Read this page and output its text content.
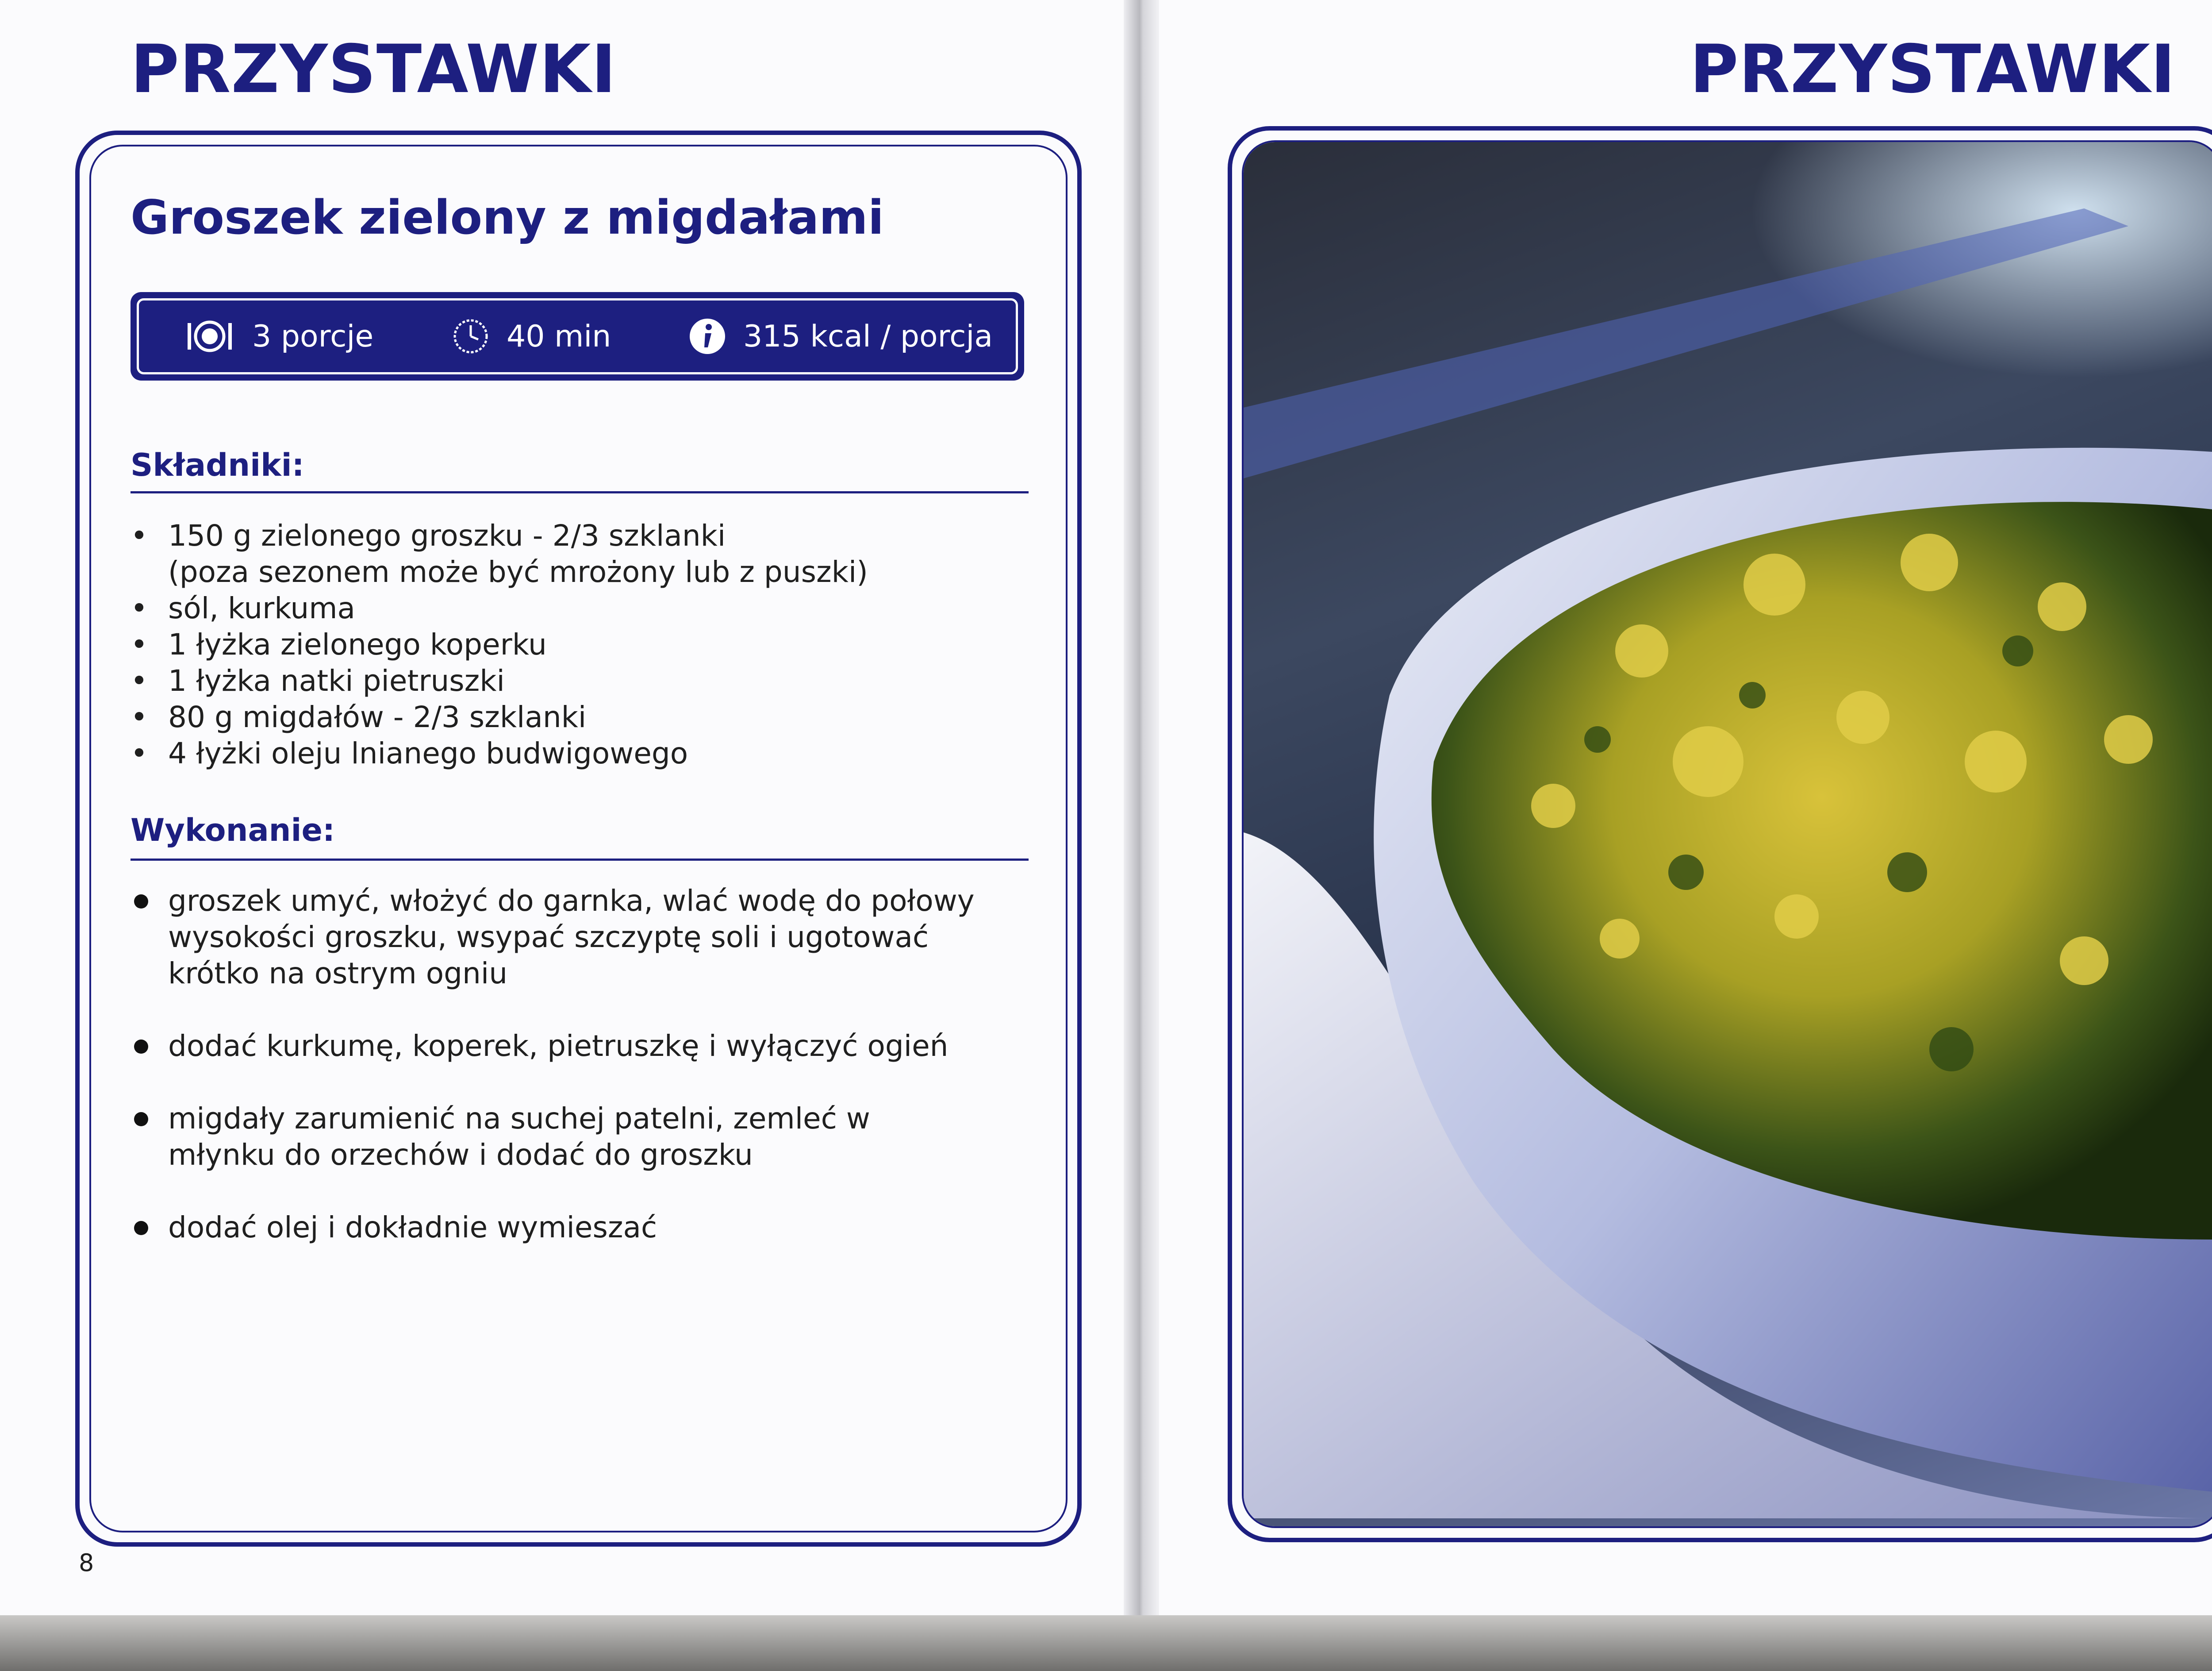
PRZYSTAWKI	PRZYSTAWKI
Groszek zielony z migdałami
3 porcje	40 min	315 kcal / porcja
Składniki:
• 150 g zielonego groszku - 2/3 szklanki
(poza sezonem może być mrożony lub z puszki)
• sól, kurkuma
• 1 łyżka zielonego koperku
• 1 łyżka natki pietruszki
• 80 g migdałów - 2/3 szklanki
• 4 łyżki oleju lnianego budwigowego
Wykonanie:
groszek umyć, włożyć do garnka, wlać wodę do połowy wysokości groszku, wsypać szczyptę soli i ugotować krótko na ostrym ogniu
dodać kurkumę, koperek, pietruszkę i wyłączyć ogień
migdały zarumienić na suchej patelni, zemleć w młynku do orzechów i dodać do groszku
dodać olej i dokładnie wymieszać
8
